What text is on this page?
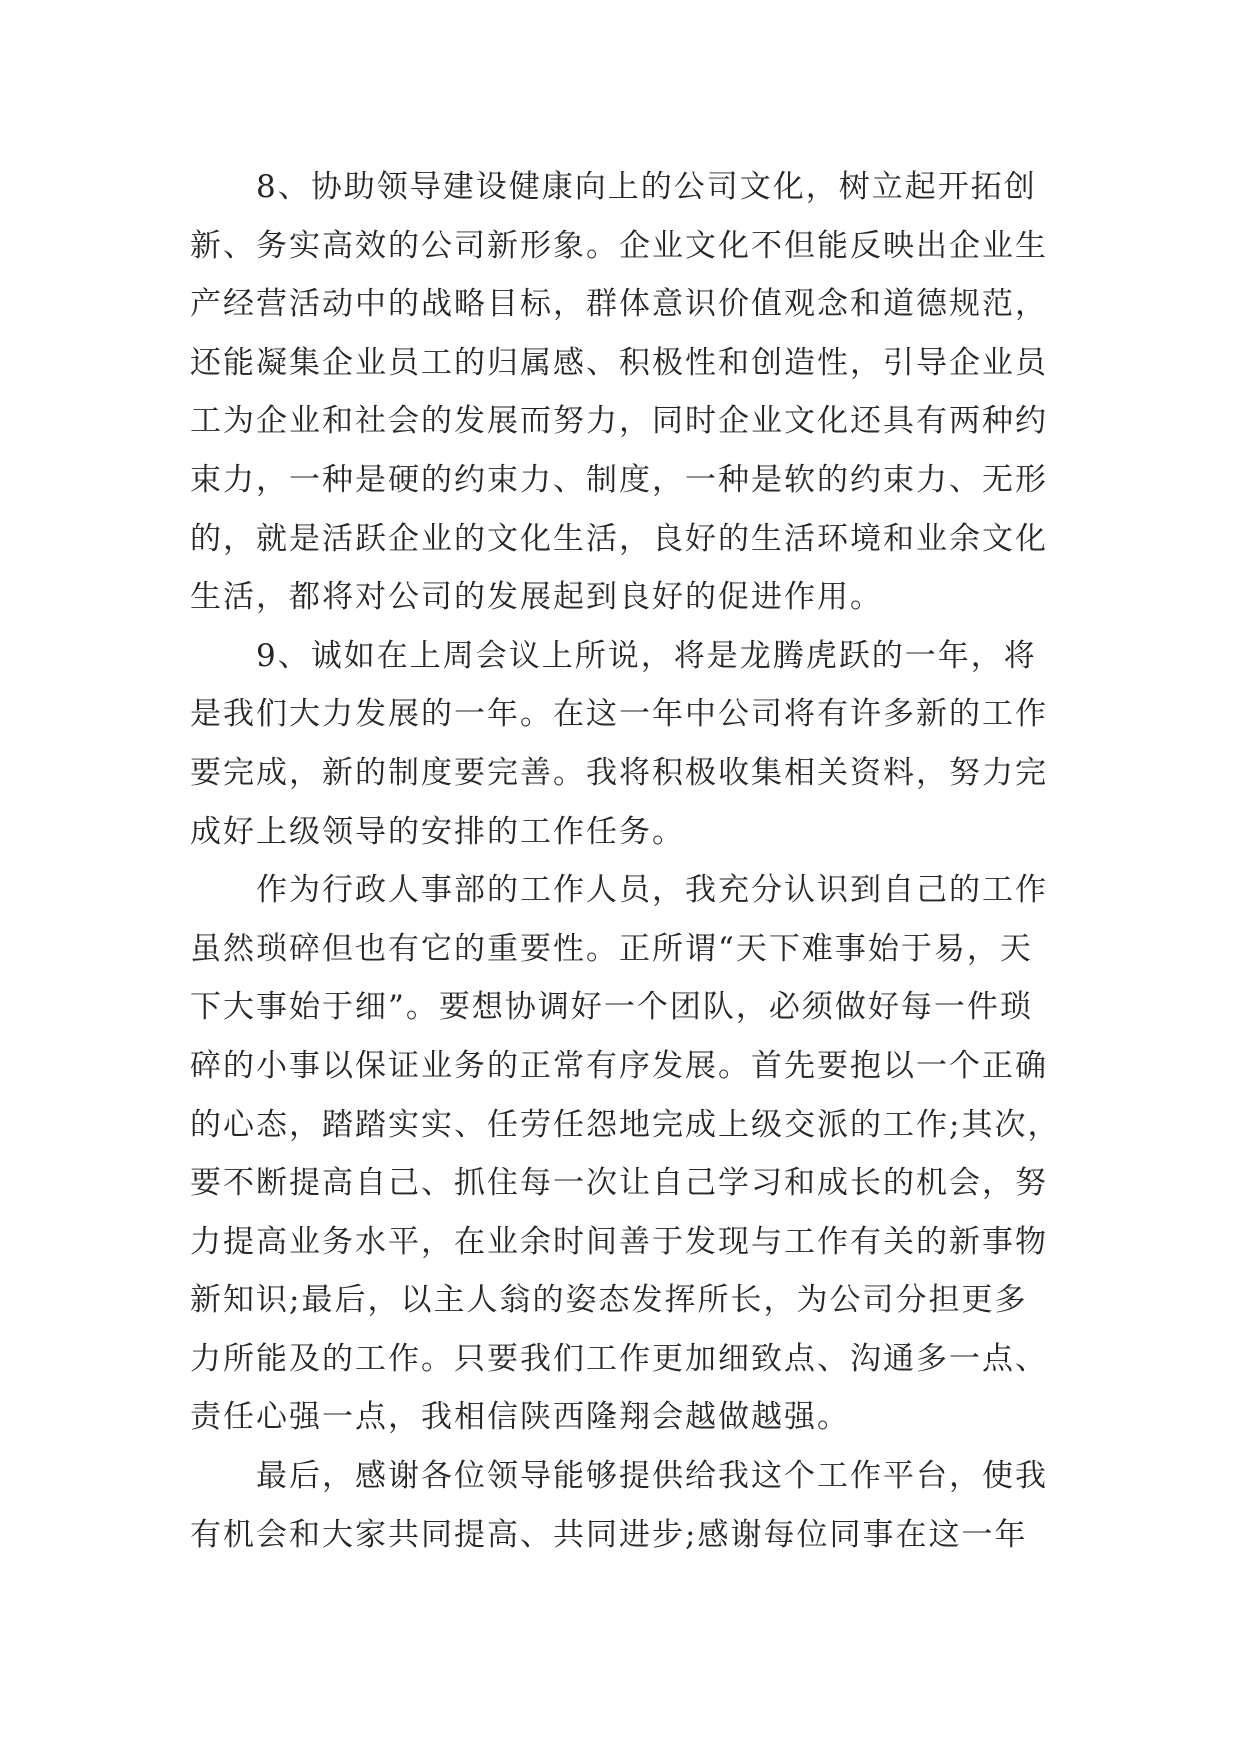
8、协助领导建设健康向上的公司文化，树立起开拓创
新、务实高效的公司新形象。企业文化不但能反映出企业生
产经营活动中的战略目标，群体意识价值观念和道德规范，
还能凝集企业员工的归属感、积极性和创造性，引导企业员
工为企业和社会的发展而努力，同时企业文化还具有两种约
束力，一种是硬的约束力、制度，一种是软的约束力、无形
的，就是活跃企业的文化生活，良好的生活环境和业余文化
生活，都将对公司的发展起到良好的促进作用。
9、诚如在上周会议上所说，将是龙腾虎跃的一年，将
是我们大力发展的一年。在这一年中公司将有许多新的工作
要完成，新的制度要完善。我将积极收集相关资料，努力完
成好上级领导的安排的工作任务。
作为行政人事部的工作人员，我充分认识到自己的工作
虽然琐碎但也有它的重要性。正所谓“天下难事始于易，天
下大事始于细”。要想协调好一个团队，必须做好每一件琐
碎的小事以保证业务的正常有序发展。首先要抱以一个正确
的心态，踏踏实实、任劳任怨地完成上级交派的工作;其次，
要不断提高自己、抓住每一次让自己学习和成长的机会，努
力提高业务水平，在业余时间善于发现与工作有关的新事物
新知识;最后，以主人翁的姿态发挥所长，为公司分担更多
力所能及的工作。只要我们工作更加细致点、沟通多一点、
责任心强一点，我相信陕西隆翔会越做越强。
最后，感谢各位领导能够提供给我这个工作平台，使我
有机会和大家共同提高、共同进步;感谢每位同事在这一年
